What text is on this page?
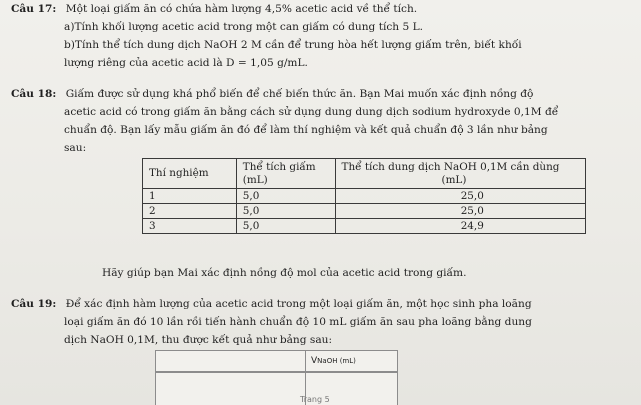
Câu 17: Một loại giấm ăn có chứa hàm lượng 4,5% acetic acid về thể tích.
a)Tính khối lượng acetic acid trong một can giấm có dung tích 5 L.
b)Tính thể tích dung dịch NaOH 2 M cần để trung hòa hết lượng giấm trên, biết khối
lượng riêng của acetic acid là D = 1,05 g/mL.
Câu 18: Giấm được sử dụng khá phổ biến để chế biến thức ăn. Bạn Mai muốn xác định nồng độ
acetic acid có trong giấm ăn bằng cách sử dụng dung dung dịch sodium hydroxyde 0,1M để
chuẩn độ. Bạn lấy mẫu giấm ăn đó để làm thí nghiệm và kết quả chuẩn độ 3 lần như bảng
sau:
Thí nghiệm	Thể tích giấm (mL)	Thể tích dung dịch NaOH 0,1M cần dùng
(mL)

1	5,0	25,0
2	5,0	25,0
3	5,0	24,9
Hãy giúp bạn Mai xác định nồng độ mol của acetic acid trong giấm.
Câu 19: Để xác định hàm lượng của acetic acid trong một loại giấm ăn, một học sinh pha loãng
loại giấm ăn đó 10 lần rồi tiến hành chuẩn độ 10 mL giấm ăn sau pha loãng bằng dung
dịch NaOH 0,1M, thu được kết quả như bảng sau:
VNaOH (mL)
Trang 5
